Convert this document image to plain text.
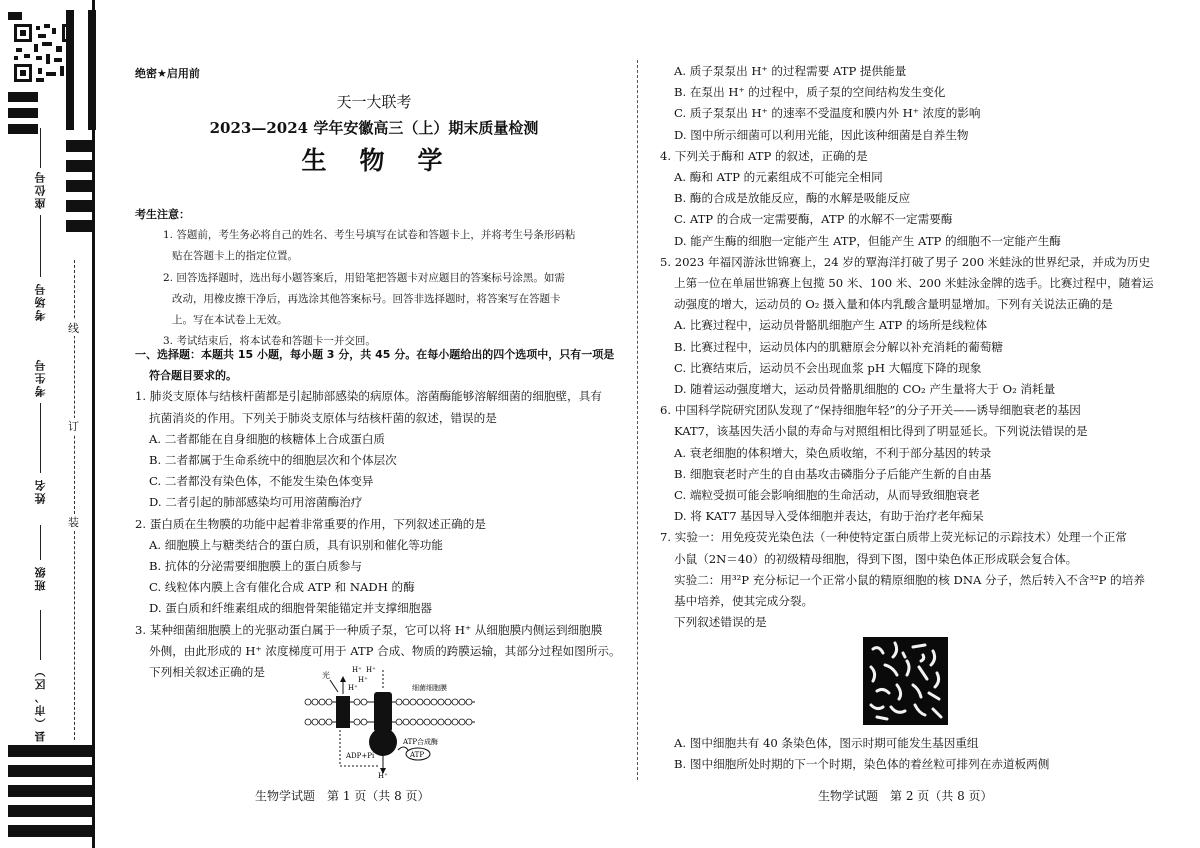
座位号
考场号
考生号
姓名
班级
县（市、区）
线
订
装
绝密★启用前
天一大联考
2023—2024 学年安徽高三（上）期末质量检测
生　物　学

考生注意：

1. 答题前，考生务必将自己的姓名、考生号填写在试卷和答题卡上，并将考生号条形码粘

贴在答题卡上的指定位置。

2. 回答选择题时，选出每小题答案后，用铅笔把答题卡对应题目的答案标号涂黑。如需

改动，用橡皮擦干净后，再选涂其他答案标号。回答非选择题时，将答案写在答题卡

上。写在本试卷上无效。

3. 考试结束后，将本试卷和答题卡一并交回。

一、选择题：本题共 15 小题，每小题 3 分，共 45 分。在每小题给出的四个选项中，只有一项是

符合题目要求的。

1. 肺炎支原体与结核杆菌都是引起肺部感染的病原体。溶菌酶能够溶解细菌的细胞壁，具有

抗菌消炎的作用。下列关于肺炎支原体与结核杆菌的叙述，错误的是

A. 二者都能在自身细胞的核糖体上合成蛋白质

B. 二者都属于生命系统中的细胞层次和个体层次

C. 二者都没有染色体，不能发生染色体变异

D. 二者引起的肺部感染均可用溶菌酶治疗

2. 蛋白质在生物膜的功能中起着非常重要的作用，下列叙述正确的是

A. 细胞膜上与糖类结合的蛋白质，具有识别和催化等功能

B. 抗体的分泌需要细胞膜上的蛋白质参与

C. 线粒体内膜上含有催化合成 ATP 和 NADH 的酶

D. 蛋白质和纤维素组成的细胞骨架能锚定并支撑细胞器

3. 某种细菌细胞膜上的光驱动蛋白属于一种质子泵，它可以将 H⁺ 从细胞膜内侧运到细胞膜

外侧，由此形成的 H⁺ 浓度梯度可用于 ATP 合成、物质的跨膜运输，其部分过程如图所示。

下列相关叙述正确的是	光
H⁺ H⁺
H⁺
H⁺
H⁺
细菌细胞膜
ATP合成酶
ADP+Pi	ATP
生物学试题　第 1 页（共 8 页）

A. 质子泵泵出 H⁺ 的过程需要 ATP 提供能量

B. 在泵出 H⁺ 的过程中，质子泵的空间结构发生变化

C. 质子泵泵出 H⁺ 的速率不受温度和膜内外 H⁺ 浓度的影响

D. 图中所示细菌可以利用光能，因此该种细菌是自养生物

4. 下列关于酶和 ATP 的叙述，正确的是

A. 酶和 ATP 的元素组成不可能完全相同

B. 酶的合成是放能反应，酶的水解是吸能反应

C. ATP 的合成一定需要酶，ATP 的水解不一定需要酶

D. 能产生酶的细胞一定能产生 ATP，但能产生 ATP 的细胞不一定能产生酶

5. 2023 年福冈游泳世锦赛上，24 岁的覃海洋打破了男子 200 米蛙泳的世界纪录，并成为历史

上第一位在单届世锦赛上包揽 50 米、100 米、200 米蛙泳金牌的选手。比赛过程中，随着运

动强度的增大，运动员的 O₂ 摄入量和体内乳酸含量明显增加。下列有关说法正确的是

A. 比赛过程中，运动员骨骼肌细胞产生 ATP 的场所是线粒体

B. 比赛过程中，运动员体内的肌糖原会分解以补充消耗的葡萄糖

C. 比赛结束后，运动员不会出现血浆 pH 大幅度下降的现象

D. 随着运动强度增大，运动员骨骼肌细胞的 CO₂ 产生量将大于 O₂ 消耗量

6. 中国科学院研究团队发现了“保持细胞年轻”的分子开关——诱导细胞衰老的基因

KAT7，该基因失活小鼠的寿命与对照组相比得到了明显延长。下列说法错误的是

A. 衰老细胞的体积增大，染色质收缩，不利于部分基因的转录

B. 细胞衰老时产生的自由基攻击磷脂分子后能产生新的自由基

C. 端粒受损可能会影响细胞的生命活动，从而导致细胞衰老

D. 将 KAT7 基因导入受体细胞并表达，有助于治疗老年痴呆

7. 实验一：用免疫荧光染色法（一种使特定蛋白质带上荧光标记的示踪技术）处理一个正常

小鼠（2N＝40）的初级精母细胞，得到下图，图中染色体正形成联会复合体。

实验二：用³²P 充分标记一个正常小鼠的精原细胞的核 DNA 分子，然后转入不含³²P 的培养

基中培养，使其完成分裂。

下列叙述错误的是

A. 图中细胞共有 40 条染色体，图示时期可能发生基因重组

B. 图中细胞所处时期的下一个时期，染色体的着丝粒可排列在赤道板两侧

生物学试题　第 2 页（共 8 页）
